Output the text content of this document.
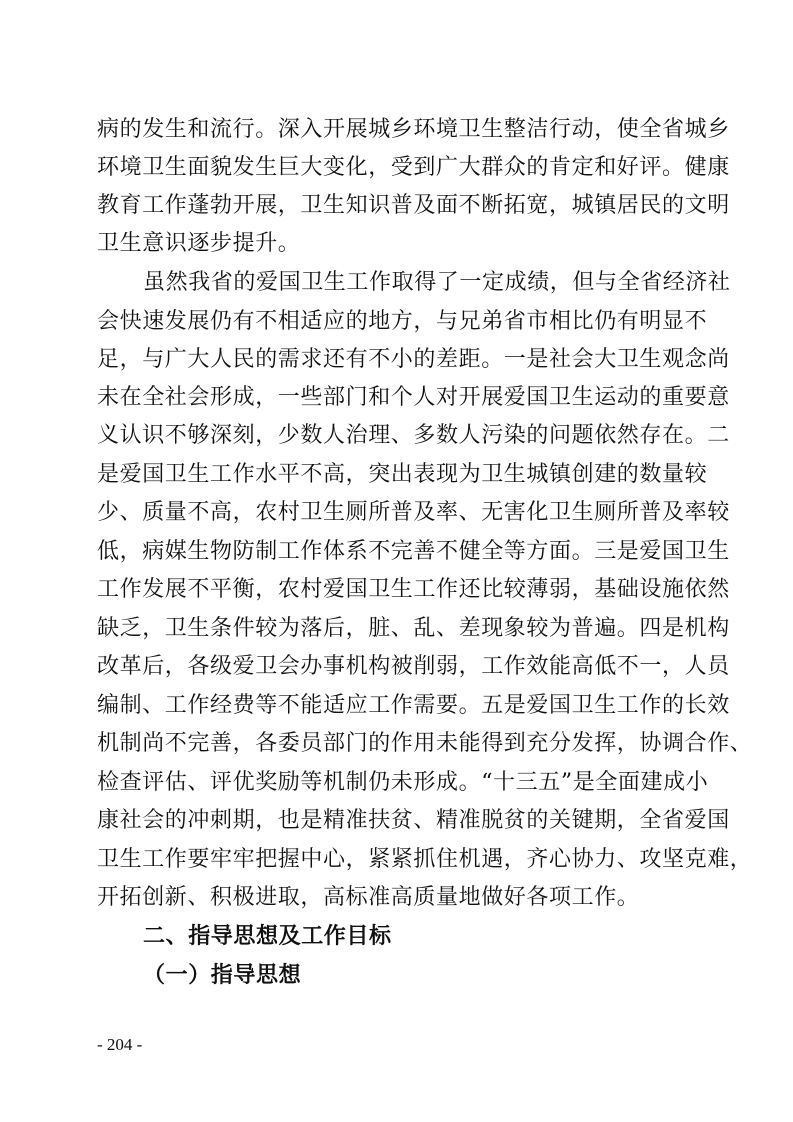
病的发生和流行。深入开展城乡环境卫生整洁行动，使全省城乡
环境卫生面貌发生巨大变化，受到广大群众的肯定和好评。健康
教育工作蓬勃开展，卫生知识普及面不断拓宽，城镇居民的文明
卫生意识逐步提升。
虽然我省的爱国卫生工作取得了一定成绩，但与全省经济社
会快速发展仍有不相适应的地方，与兄弟省市相比仍有明显不
足，与广大人民的需求还有不小的差距。一是社会大卫生观念尚
未在全社会形成，一些部门和个人对开展爱国卫生运动的重要意
义认识不够深刻，少数人治理、多数人污染的问题依然存在。二
是爱国卫生工作水平不高，突出表现为卫生城镇创建的数量较
少、质量不高，农村卫生厕所普及率、无害化卫生厕所普及率较
低，病媒生物防制工作体系不完善不健全等方面。三是爱国卫生
工作发展不平衡，农村爱国卫生工作还比较薄弱，基础设施依然
缺乏，卫生条件较为落后，脏、乱、差现象较为普遍。四是机构
改革后，各级爱卫会办事机构被削弱，工作效能高低不一，人员
编制、工作经费等不能适应工作需要。五是爱国卫生工作的长效
机制尚不完善，各委员部门的作用未能得到充分发挥，协调合作、
检查评估、评优奖励等机制仍未形成。“十三五”是全面建成小
康社会的冲刺期，也是精准扶贫、精准脱贫的关键期，全省爱国
卫生工作要牢牢把握中心，紧紧抓住机遇，齐心协力、攻坚克难，
开拓创新、积极进取，高标准高质量地做好各项工作。
二、指导思想及工作目标
（一）指导思想
- 204 -
